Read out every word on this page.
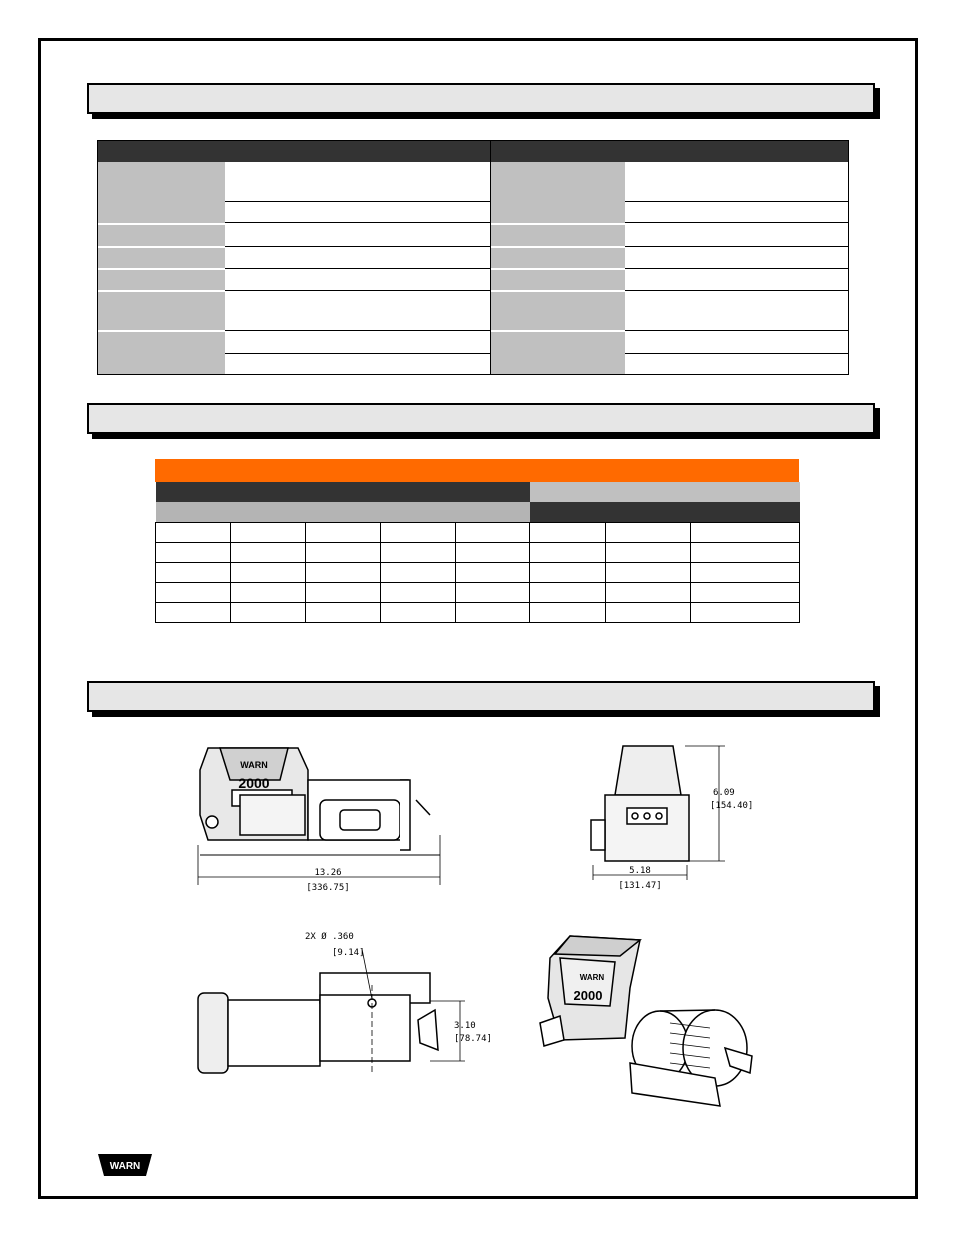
13.26
[336.75]
WARN
2000
6.09
[154.40]
5.18
[131.47]
2X Ø .360
[9.14]
3.10
[78.74]
WARN
2000
WARN
